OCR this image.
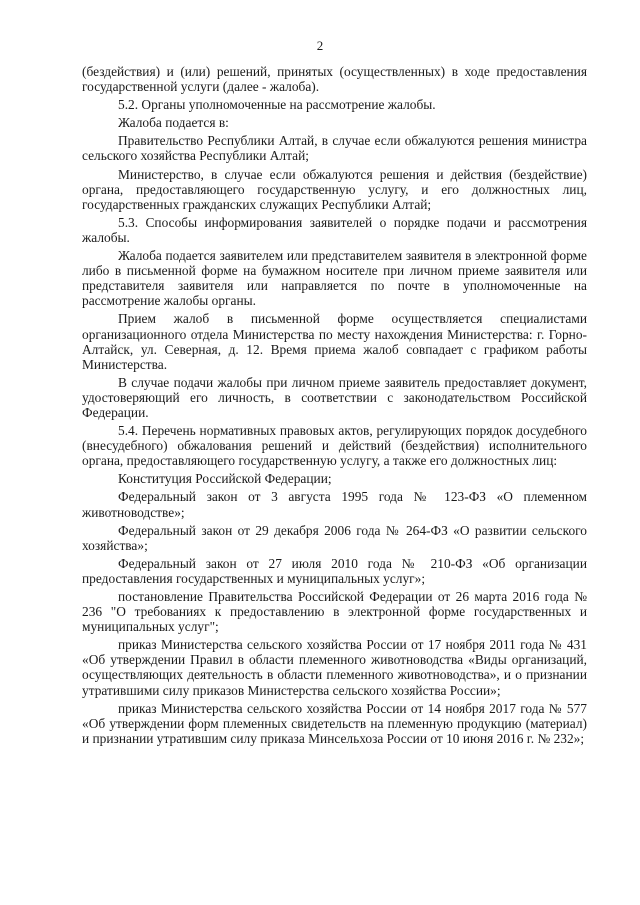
2

(бездействия) и (или) решений, принятых (осуществленных) в ходе предоставления государственной услуги (далее - жалоба).

5.2. Органы уполномоченные на рассмотрение жалобы.

Жалоба подается в:

Правительство Республики Алтай, в случае если обжалуются решения министра сельского хозяйства Республики Алтай;

Министерство, в случае если обжалуются решения и действия (бездействие) органа, предоставляющего государственную услугу, и его должностных лиц, государственных гражданских служащих Республики Алтай;

5.3. Способы информирования заявителей о порядке подачи и рассмотрения жалобы.

Жалоба подается заявителем или представителем заявителя в электронной форме либо в письменной форме на бумажном носителе при личном приеме заявителя или представителя заявителя или направляется по почте в уполномоченные на рассмотрение жалобы органы.

Прием жалоб в письменной форме осуществляется специалистами организационного отдела Министерства по месту нахождения Министерства: г. Горно-Алтайск, ул. Северная, д. 12. Время приема жалоб совпадает с графиком работы Министерства.

В случае подачи жалобы при личном приеме заявитель предоставляет документ, удостоверяющий его личность, в соответствии с законодательством Российской Федерации.

5.4. Перечень нормативных правовых актов, регулирующих порядок досудебного (внесудебного) обжалования решений и действий (бездействия) исполнительного органа, предоставляющего государственную услугу, а также его должностных лиц:

Конституция Российской Федерации;

Федеральный закон от 3 августа 1995 года № 123-ФЗ «О племенном животноводстве»;

Федеральный закон от 29 декабря 2006 года № 264-ФЗ «О развитии сельского хозяйства»;

Федеральный закон от 27 июля 2010 года № 210-ФЗ «Об организации предоставления государственных и муниципальных услуг»;

постановление Правительства Российской Федерации от 26 марта 2016 года № 236 "О требованиях к предоставлению в электронной форме государственных и муниципальных услуг";

приказ Министерства сельского хозяйства России от 17 ноября 2011 года № 431 «Об утверждении Правил в области племенного животноводства «Виды организаций, осуществляющих деятельность в области племенного животноводства», и о признании утратившими силу приказов Министерства сельского хозяйства России»;

приказ Министерства сельского хозяйства России от 14 ноября 2017 года № 577 «Об утверждении форм племенных свидетельств на племенную продукцию (материал) и признании утратившим силу приказа Минсельхоза России от 10 июня 2016 г. № 232»;
